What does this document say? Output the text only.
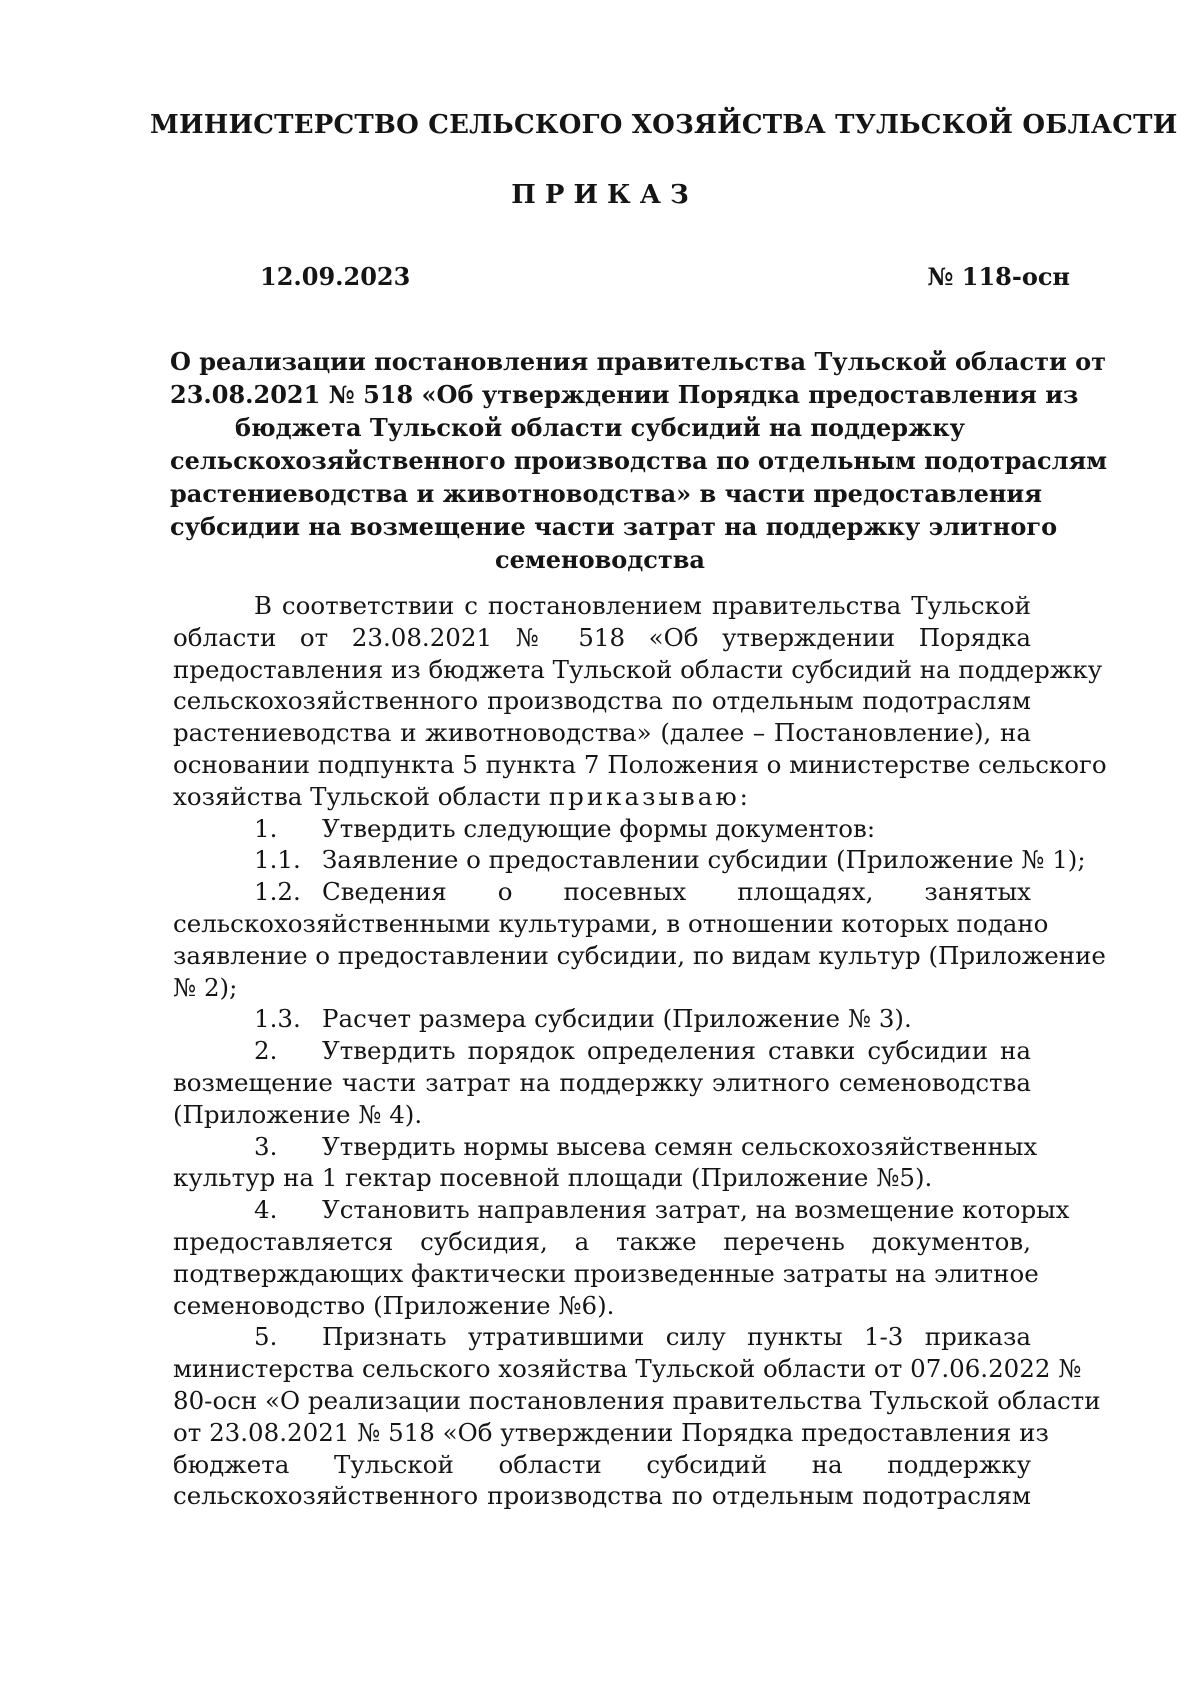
МИНИСТЕРСТВО СЕЛЬСКОГО ХОЗЯЙСТВА ТУЛЬСКОЙ ОБЛАСТИ
П Р И К А З
12.09.2023	№ 118-осн
О реализации постановления правительства Тульской области от
23.08.2021 № 518 «Об утверждении Порядка предоставления из
бюджета Тульской области субсидий на поддержку
сельскохозяйственного производства по отдельным подотраслям
растениеводства и животноводства» в части предоставления
субсидии на возмещение части затрат на поддержку элитного
семеноводства
В соответствии с постановлением правительства Тульской
области от 23.08.2021 № 518 «Об утверждении Порядка
предоставления из бюджета Тульской области субсидий на поддержку
сельскохозяйственного производства по отдельным подотраслям
растениеводства и животноводства» (далее – Постановление), на
основании подпункта 5 пункта 7 Положения о министерстве сельского
хозяйства Тульской области приказываю:
1. Утвердить следующие формы документов:
1.1. Заявление о предоставлении субсидии (Приложение № 1);
1.2. Сведения о посевных площадях, занятых
сельскохозяйственными культурами, в отношении которых подано
заявление о предоставлении субсидии, по видам культур (Приложение
№ 2);
1.3. Расчет размера субсидии (Приложение № 3).
2. Утвердить порядок определения ставки субсидии на
возмещение части затрат на поддержку элитного семеноводства
(Приложение № 4).
3. Утвердить нормы высева семян сельскохозяйственных
культур на 1 гектар посевной площади (Приложение №5).
4. Установить направления затрат, на возмещение которых
предоставляется субсидия, а также перечень документов,
подтверждающих фактически произведенные затраты на элитное
семеноводство (Приложение №6).
5. Признать утратившими силу пункты 1-3 приказа
министерства сельского хозяйства Тульской области от 07.06.2022 №
80-осн «О реализации постановления правительства Тульской области
от 23.08.2021 № 518 «Об утверждении Порядка предоставления из
бюджета Тульской области субсидий на поддержку
сельскохозяйственного производства по отдельным подотраслям
